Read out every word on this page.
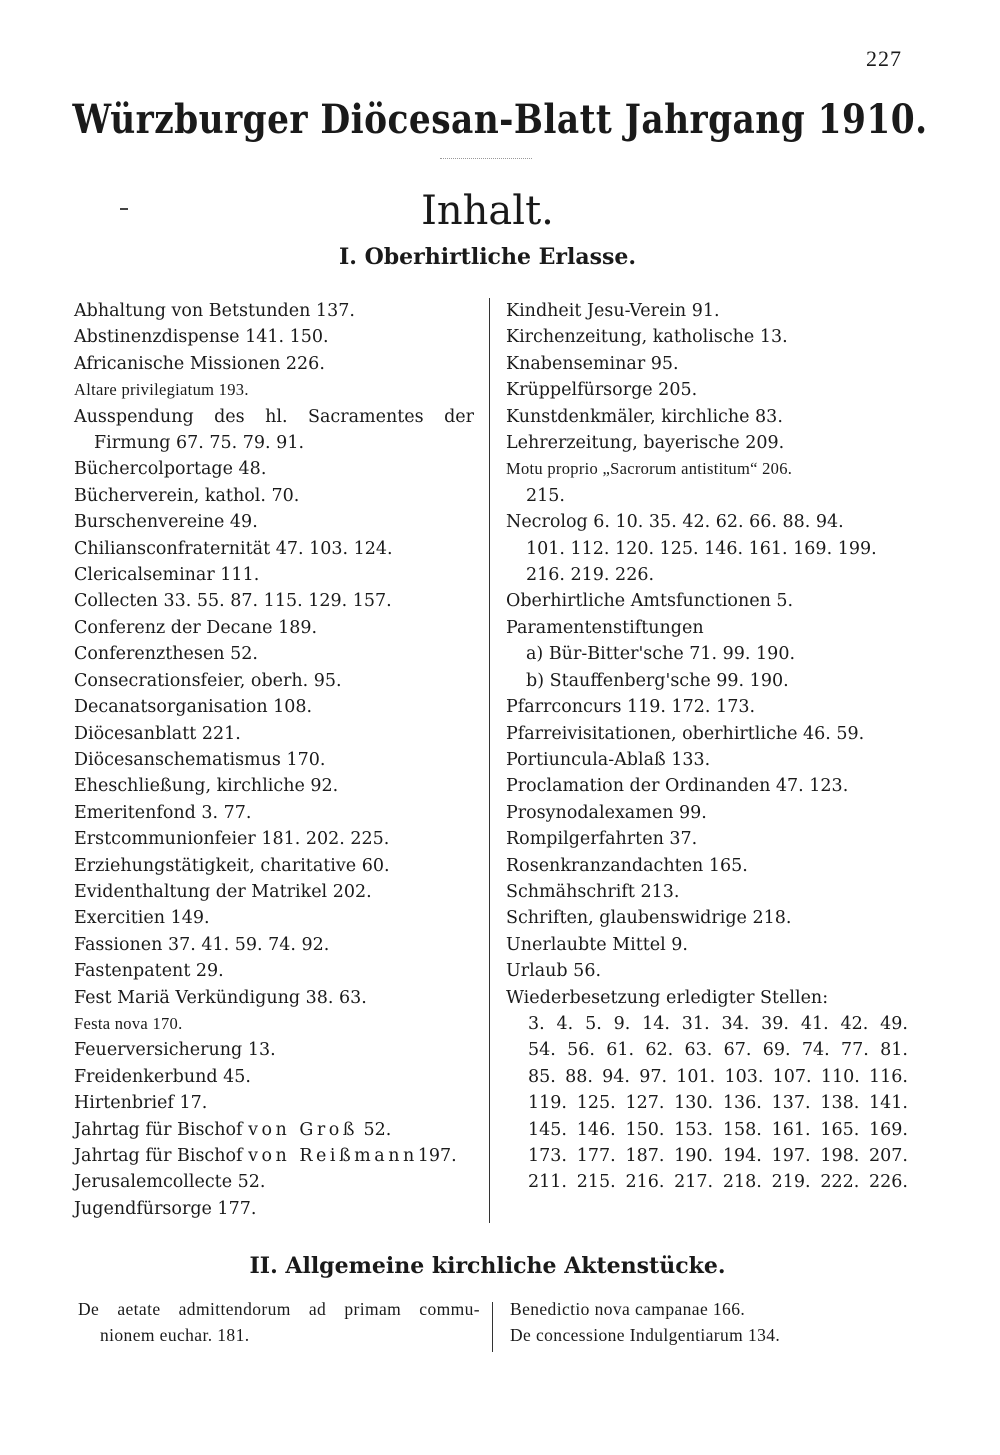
227
Würzburger Diöcesan-Blatt Jahrgang 1910.
Inhalt.
I. Oberhirtliche Erlasse.
Abhaltung von Betstunden 137.
Abstinenzdispense 141. 150.
Africanische Missionen 226.
Altare privilegiatum 193.
Ausspendung des hl. Sacramentes der
Firmung 67. 75. 79. 91.
Büchercolportage 48.
Bücherverein, kathol. 70.
Burschenvereine 49.
Chiliansconfraternität 47. 103. 124.
Clericalseminar 111.
Collecten 33. 55. 87. 115. 129. 157.
Conferenz der Decane 189.
Conferenzthesen 52.
Consecrationsfeier, oberh. 95.
Decanatsorganisation 108.
Diöcesanblatt 221.
Diöcesanschematismus 170.
Eheschließung, kirchliche 92.
Emeritenfond 3. 77.
Erstcommunionfeier 181. 202. 225.
Erziehungstätigkeit, charitative 60.
Evidenthaltung der Matrikel 202.
Exercitien 149.
Fassionen 37. 41. 59. 74. 92.
Fastenpatent 29.
Fest Mariä Verkündigung 38. 63.
Festa nova 170.
Feuerversicherung 13.
Freidenkerbund 45.
Hirtenbrief 17.
Jahrtag für Bischof von Groß 52.
Jahrtag für Bischof von Reißmann197.
Jerusalemcollecte 52.
Jugendfürsorge 177.
Kindheit Jesu-Verein 91.
Kirchenzeitung, katholische 13.
Knabenseminar 95.
Krüppelfürsorge 205.
Kunstdenkmäler, kirchliche 83.
Lehrerzeitung, bayerische 209.
Motu proprio „Sacrorum antistitum“ 206.
215.
Necrolog 6. 10. 35. 42. 62. 66. 88. 94.
101. 112. 120. 125. 146. 161. 169. 199.
216. 219. 226.
Oberhirtliche Amtsfunctionen 5.
Paramentenstiftungen
a) Bür-Bitter'sche 71. 99. 190.
b) Stauffenberg'sche 99. 190.
Pfarrconcurs 119. 172. 173.
Pfarreivisitationen, oberhirtliche 46. 59.
Portiuncula-Ablaß 133.
Proclamation der Ordinanden 47. 123.
Prosynodalexamen 99.
Rompilgerfahrten 37.
Rosenkranzandachten 165.
Schmähschrift 213.
Schriften, glaubenswidrige 218.
Unerlaubte Mittel 9.
Urlaub 56.
Wiederbesetzung erledigter Stellen:
3. 4. 5. 9. 14. 31. 34. 39. 41. 42. 49.
54. 56. 61. 62. 63. 67. 69. 74. 77. 81.
85. 88. 94. 97. 101. 103. 107. 110. 116.
119. 125. 127. 130. 136. 137. 138. 141.
145. 146. 150. 153. 158. 161. 165. 169.
173. 177. 187. 190. 194. 197. 198. 207.
211. 215. 216. 217. 218. 219. 222. 226.
II. Allgemeine kirchliche Aktenstücke.
De aetate admittendorum ad primam commu-
nionem euchar. 181.
Benedictio nova campanae 166.
De concessione Indulgentiarum 134.
